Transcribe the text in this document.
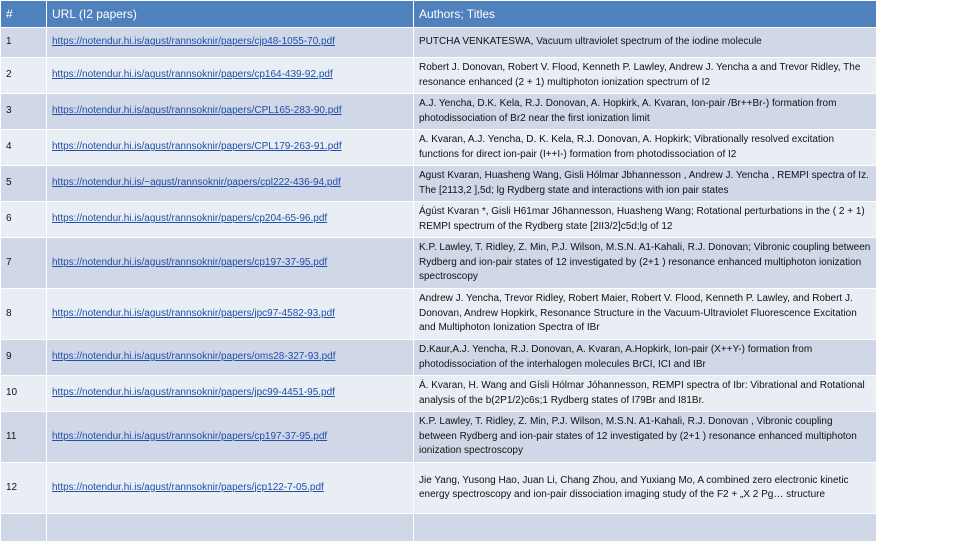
#	URL (I2 papers)	Authors; Titles
1	https://notendur.hi.is/agust/rannsoknir/papers/cjp48-1055-70.pdf	PUTCHA VENKATESWA, Vacuum ultraviolet spectrum of the iodine molecule
2	https://notendur.hi.is/agust/rannsoknir/papers/cp164-439-92.pdf	Robert J. Donovan, Robert V. Flood, Kenneth P. Lawley, Andrew J. Yencha a and Trevor Ridley, The resonance enhanced (2 + 1) multiphoton ionization spectrum of I2
3	https://notendur.hi.is/agust/rannsoknir/papers/CPL165-283-90.pdf	A.J. Yencha, D.K. Kela, R.J. Donovan, A. Hopkirk, A. Kvaran, Ion-pair /Br++Br-) formation from photodissociation of Br2 near the first ionization limit
4	https://notendur.hi.is/agust/rannsoknir/papers/CPL179-263-91.pdf	A. Kvaran, A.J. Yencha, D. K. Kela, R.J. Donovan, A. Hopkirk; Vibrationally resolved excitation functions for direct ion-pair (I++I-) formation from photodissociation of I2
5	https://notendur.hi.is/~agust/rannsoknir/papers/cpl222-436-94.pdf	Agust Kvaran, Huasheng Wang, Gisli Hólmar Jbhannesson , Andrew J. Yencha , REMPI spectra of Iz. The [2113,2 ],5d; lg Rydberg state and interactions with ion pair states
6	https://notendur.hi.is/agust/rannsoknir/papers/cp204-65-96.pdf	Ágúst Kvaran *, Gisli H61mar J6hannesson, Huasheng Wang; Rotational perturbations in the ( 2 + 1) REMPI spectrum of the Rydberg state [2II3/2]c5d;lg of 12
7	https://notendur.hi.is/agust/rannsoknir/papers/cp197-37-95.pdf	K.P. Lawley, T. Ridley, Z. Min, P.J. Wilson, M.S.N. A1-Kahali, R.J. Donovan; Vibronic coupling between Rydberg and ion-pair states of 12 investigated by (2+1 ) resonance enhanced multiphoton ionization spectroscopy
8	https://notendur.hi.is/agust/rannsoknir/papers/jpc97-4582-93.pdf	Andrew J. Yencha, Trevor Ridley, Robert Maier, Robert V. Flood, Kenneth P. Lawley, and Robert J. Donovan, Andrew Hopkirk, Resonance Structure in the Vacuum-Ultraviolet Fluorescence Excitation and Multiphoton Ionization Spectra of IBr
9	https://notendur.hi.is/agust/rannsoknir/papers/oms28-327-93.pdf	D.Kaur,A.J. Yencha, R.J. Donovan, A. Kvaran, A.Hopkirk, Ion-pair (X++Y-) formation from photodissociation of the interhalogen molecules BrCI, ICI and IBr
10	https://notendur.hi.is/agust/rannsoknir/papers/jpc99-4451-95.pdf	Á. Kvaran, H. Wang and Gísli Hólmar Jóhannesson, REMPI spectra of Ibr: Vibrational and Rotational analysis of the b(2P1/2)c6s;1 Rydberg states of I79Br and I81Br.
11	https://notendur.hi.is/agust/rannsoknir/papers/cp197-37-95.pdf	K.P. Lawley, T. Ridley, Z. Min, P.J. Wilson, M.S.N. A1-Kahali, R.J. Donovan , Vibronic coupling between Rydberg and ion-pair states of 12 investigated by (2+1 ) resonance enhanced multiphoton ionization spectroscopy
12	https://notendur.hi.is/agust/rannsoknir/papers/jcp122-7-05.pdf	Jie Yang, Yusong Hao, Juan Li, Chang Zhou, and Yuxiang Mo, A combined zero electronic kinetic energy spectroscopy and ion-pair dissociation imaging study of the F2 + „X 2 Pg… structure
